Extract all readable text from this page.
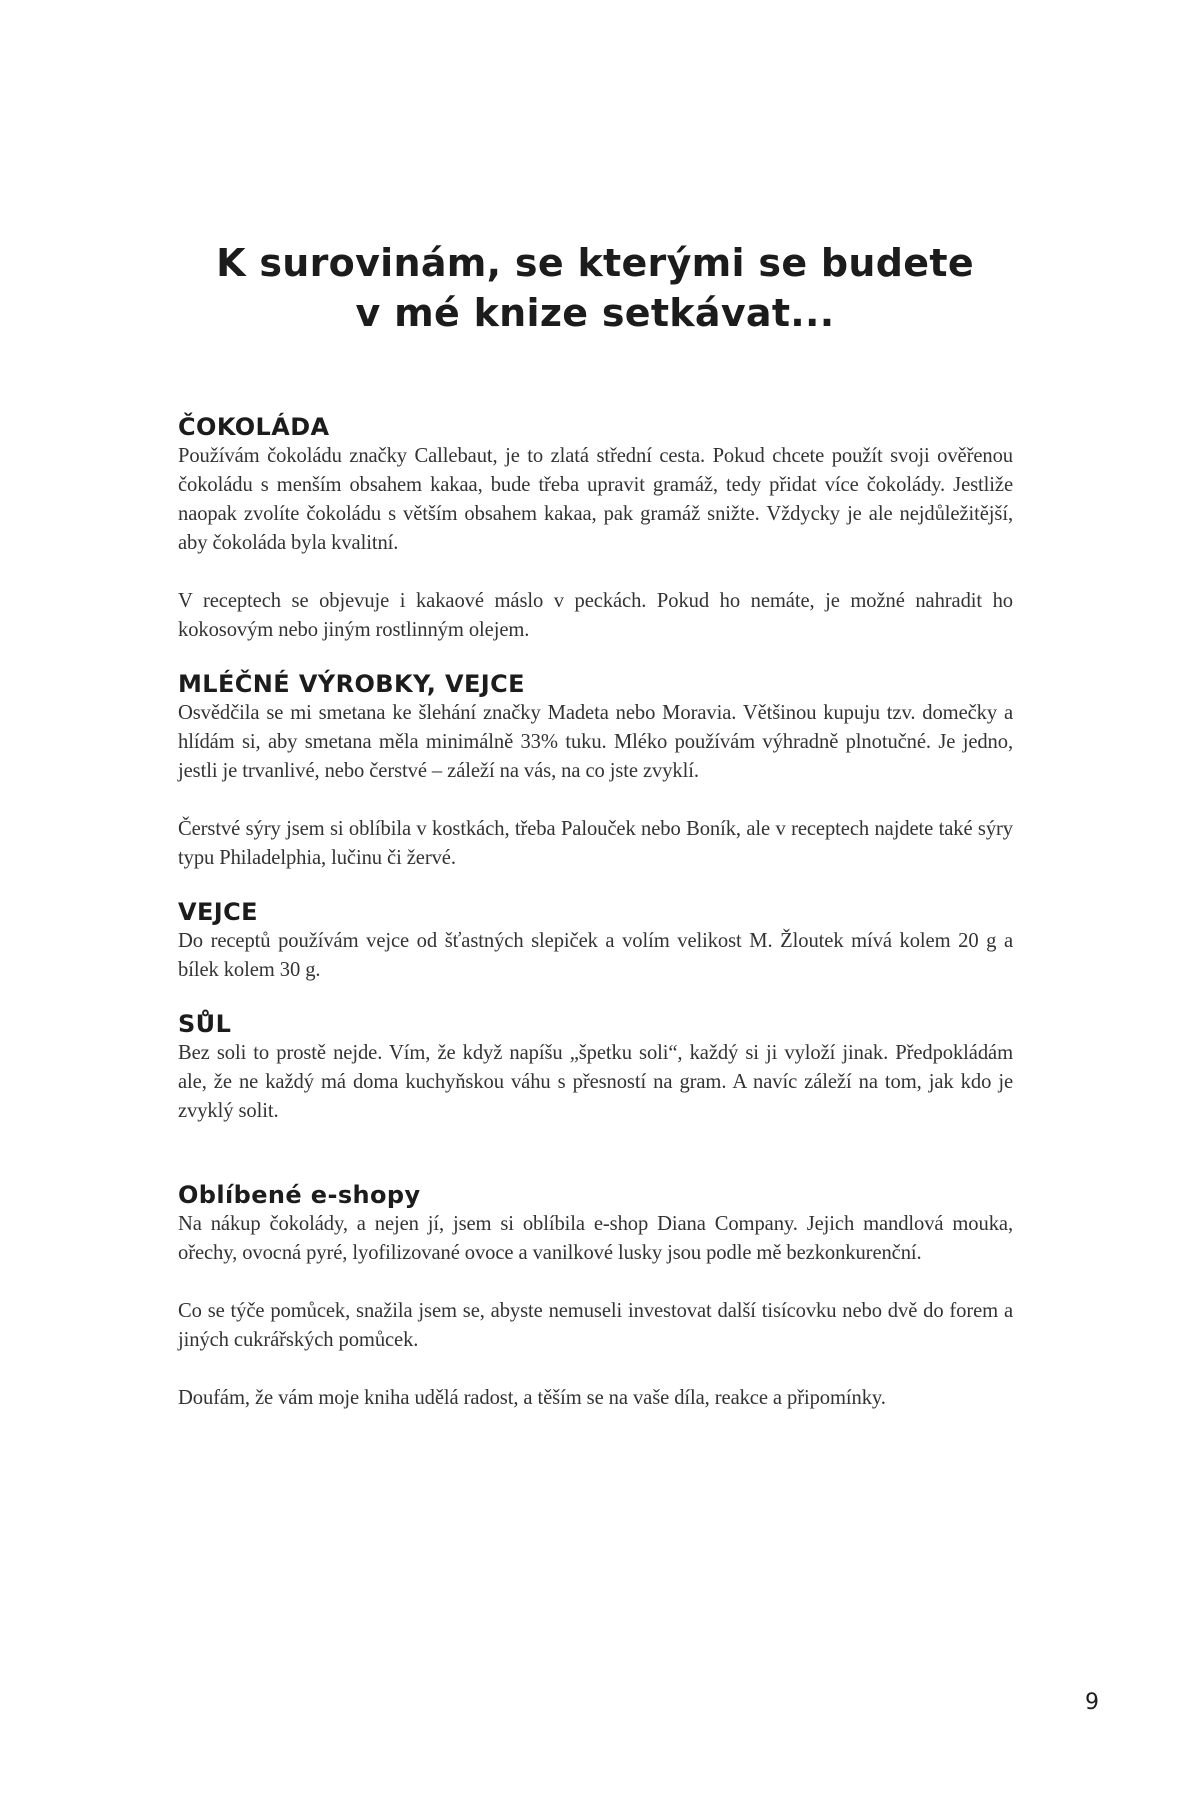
K surovinám, se kterými se budete
v mé knize setkávat...
ČOKOLÁDA

Používám čokoládu značky Callebaut, je to zlatá střední cesta. Pokud chcete použít svoji ověřenou čokoládu s menším obsahem kakaa, bude třeba upravit gramáž, tedy přidat více čokolády. Jestliže naopak zvolíte čokoládu s větším obsahem kakaa, pak gramáž snižte. Vždycky je ale nejdůležitější, aby čokoláda byla kvalitní.

V receptech se objevuje i kakaové máslo v peckách. Pokud ho nemáte, je možné nahradit ho kokosovým nebo jiným rostlinným olejem.

MLÉČNÉ VÝROBKY, VEJCE

Osvědčila se mi smetana ke šlehání značky Madeta nebo Moravia. Většinou kupuju tzv. domečky a hlídám si, aby smetana měla minimálně 33% tuku. Mléko používám výhradně plnotučné. Je jedno, jestli je trvanlivé, nebo čerstvé – záleží na vás, na co jste zvyklí.

Čerstvé sýry jsem si oblíbila v kostkách, třeba Palouček nebo Boník, ale v receptech najdete také sýry typu Philadelphia, lučinu či žervé.

VEJCE

Do receptů používám vejce od šťastných slepiček a volím velikost M. Žloutek mívá kolem 20 g a bílek kolem 30 g.

SŮL

Bez soli to prostě nejde. Vím, že když napíšu „špetku soli“, každý si ji vyloží jinak. Předpokládám ale, že ne každý má doma kuchyňskou váhu s přesností na gram. A navíc záleží na tom, jak kdo je zvyklý solit.

Oblíbené e-shopy

Na nákup čokolády, a nejen jí, jsem si oblíbila e-shop Diana Company. Jejich mandlová mouka, ořechy, ovocná pyré, lyofilizované ovoce a vanilkové lusky jsou podle mě bezkonkurenční.

Co se týče pomůcek, snažila jsem se, abyste nemuseli investovat další tisícovku nebo dvě do forem a jiných cukrářských pomůcek.

Doufám, že vám moje kniha udělá radost, a těším se na vaše díla, reakce a připomínky.

9
